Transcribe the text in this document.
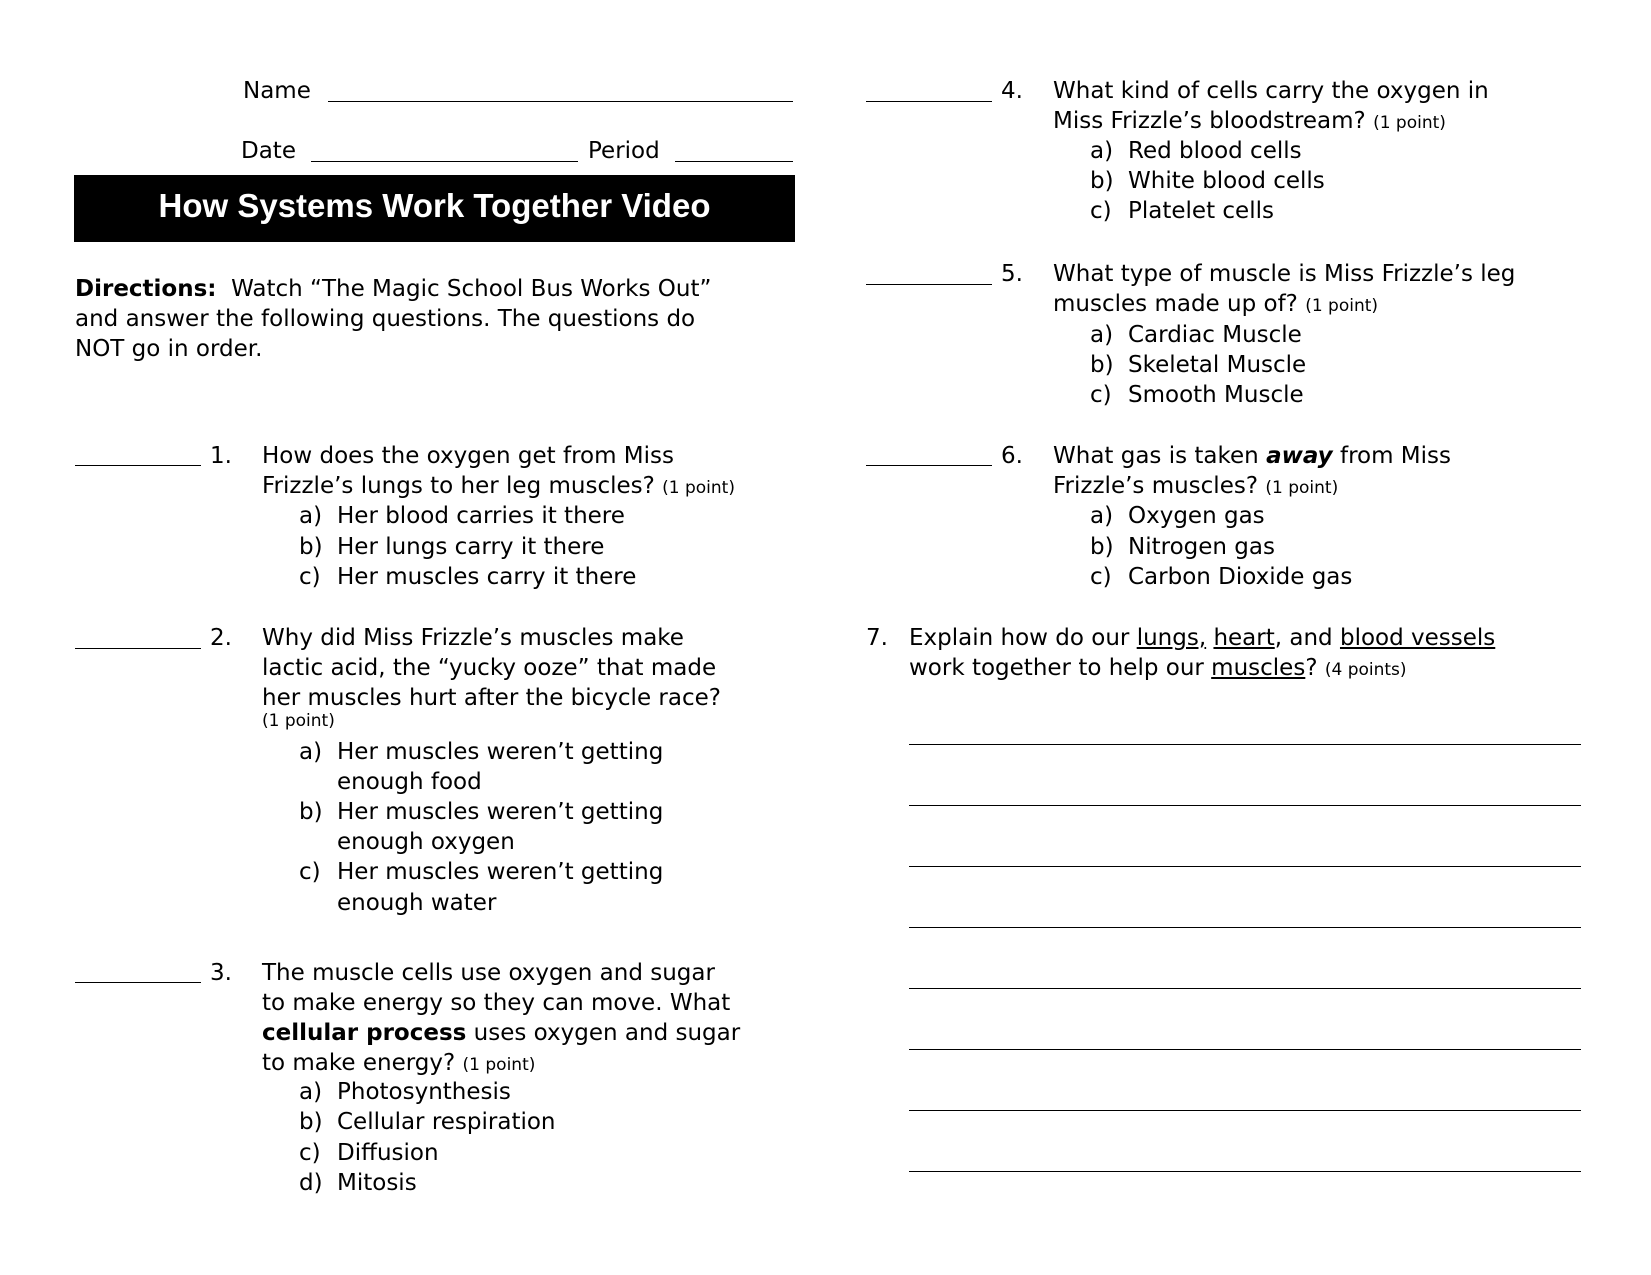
Name
Date	Period
How Systems Work Together Video
Directions: Watch “The Magic School Bus Works Out”
and answer the following questions. The questions do
NOT go in order.
1. How does the oxygen get from Miss
Frizzle’s lungs to her leg muscles? (1 point)
a) Her blood carries it there
b) Her lungs carry it there
c) Her muscles carry it there
2. Why did Miss Frizzle’s muscles make
lactic acid, the “yucky ooze” that made
her muscles hurt after the bicycle race?
(1 point)
a) Her muscles weren’t getting
enough food
b) Her muscles weren’t getting
enough oxygen
c) Her muscles weren’t getting
enough water
3. The muscle cells use oxygen and sugar
to make energy so they can move. What
cellular process uses oxygen and sugar
to make energy? (1 point)
a) Photosynthesis
b) Cellular respiration
c) Diffusion
d) Mitosis
4. What kind of cells carry the oxygen in
Miss Frizzle’s bloodstream? (1 point)
a) Red blood cells
b) White blood cells
c) Platelet cells
5. What type of muscle is Miss Frizzle’s leg
muscles made up of? (1 point)
a) Cardiac Muscle
b) Skeletal Muscle
c) Smooth Muscle
6. What gas is taken away from Miss
Frizzle’s muscles? (1 point)
a) Oxygen gas
b) Nitrogen gas
c) Carbon Dioxide gas
7. Explain how do our lungs, heart, and blood vessels
work together to help our muscles? (4 points)
